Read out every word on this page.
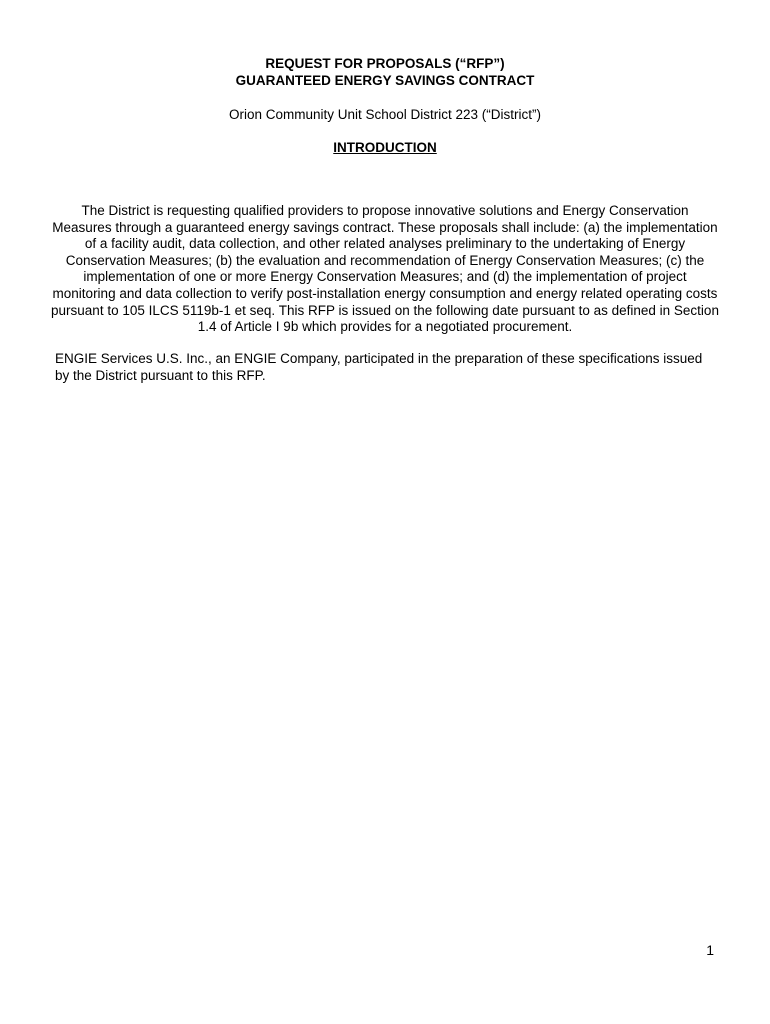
REQUEST FOR PROPOSALS (“RFP”)
GUARANTEED ENERGY SAVINGS CONTRACT
Orion Community Unit School District 223 (“District”)
INTRODUCTION

The District is requesting qualified providers to propose innovative solutions and Energy Conservation Measures through a guaranteed energy savings contract. These proposals shall include: (a) the implementation of a facility audit, data collection, and other related analyses preliminary to the undertaking of Energy Conservation Measures; (b) the evaluation and recommendation of Energy Conservation Measures; (c) the implementation of one or more Energy Conservation Measures; and (d) the implementation of project monitoring and data collection to verify post-installation energy consumption and energy related operating costs pursuant to 105 ILCS 5119b-1 et seq. This RFP is issued on the following date pursuant to as defined in Section 1.4 of Article I 9b which provides for a negotiated procurement.

ENGIE Services U.S. Inc., an ENGIE Company, participated in the preparation of these specifications issued by the District pursuant to this RFP.

1
